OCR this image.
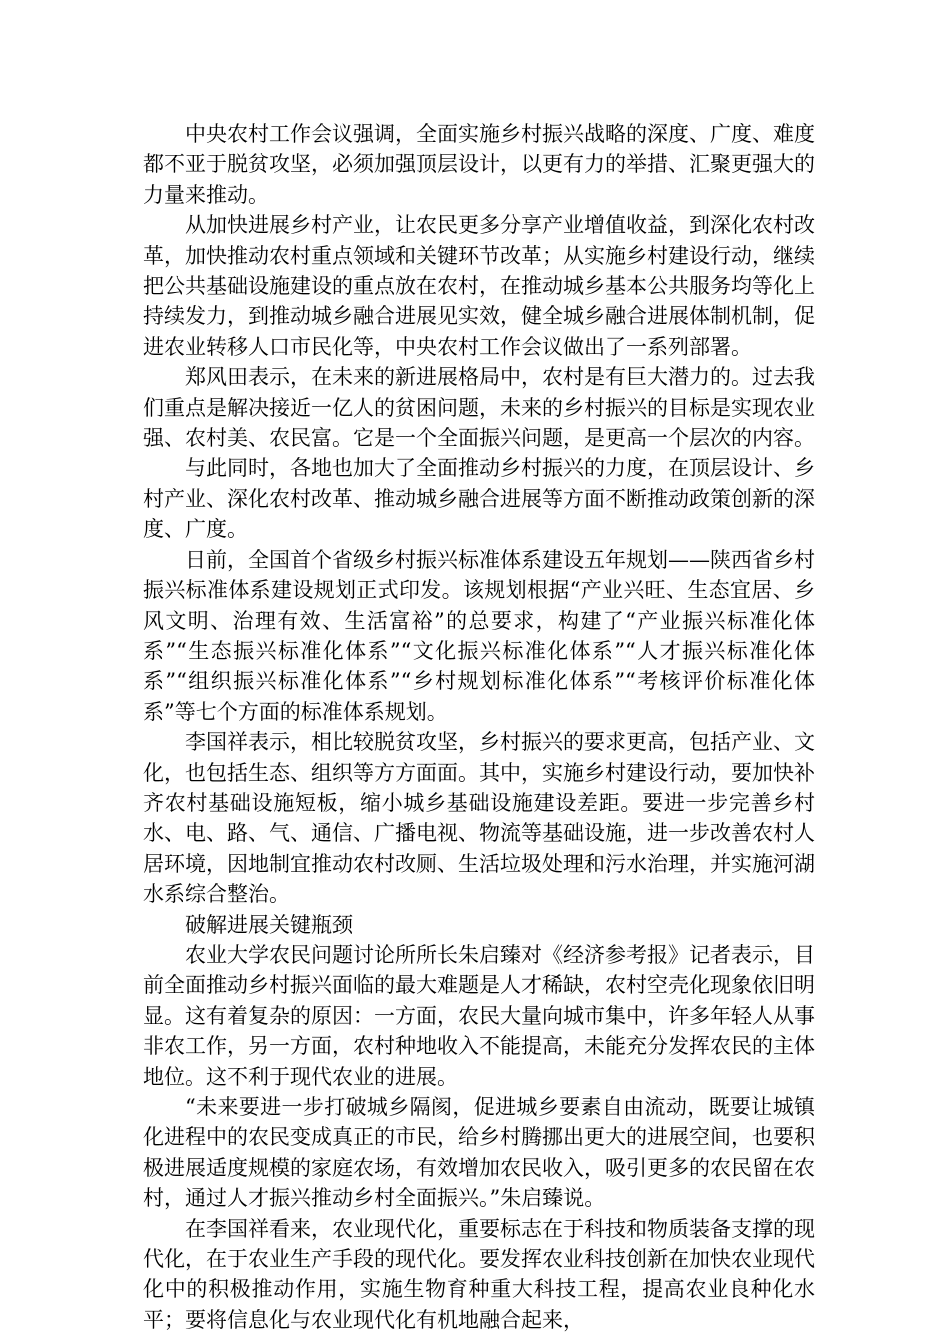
中央农村工作会议强调，全面实施乡村振兴战略的深度、广度、难度都不亚于脱贫攻坚，必须加强顶层设计，以更有力的举措、汇聚更强大的力量来推动。

从加快进展乡村产业，让农民更多分享产业增值收益，到深化农村改革，加快推动农村重点领域和关键环节改革；从实施乡村建设行动，继续把公共基础设施建设的重点放在农村，在推动城乡基本公共服务均等化上持续发力，到推动城乡融合进展见实效，健全城乡融合进展体制机制，促进农业转移人口市民化等，中央农村工作会议做出了一系列部署。

郑风田表示，在未来的新进展格局中，农村是有巨大潜力的。过去我们重点是解决接近一亿人的贫困问题，未来的乡村振兴的目标是实现农业强、农村美、农民富。它是一个全面振兴问题，是更高一个层次的内容。

与此同时，各地也加大了全面推动乡村振兴的力度，在顶层设计、乡村产业、深化农村改革、推动城乡融合进展等方面不断推动政策创新的深度、广度。

日前，全国首个省级乡村振兴标准体系建设五年规划——陕西省乡村振兴标准体系建设规划正式印发。该规划根据“产业兴旺、生态宜居、乡风文明、治理有效、生活富裕”的总要求，构建了“产业振兴标准化体系”“生态振兴标准化体系”“文化振兴标准化体系”“人才振兴标准化体系”“组织振兴标准化体系”“乡村规划标准化体系”“考核评价标准化体系”等七个方面的标准体系规划。

李国祥表示，相比较脱贫攻坚，乡村振兴的要求更高，包括产业、文化，也包括生态、组织等方方面面。其中，实施乡村建设行动，要加快补齐农村基础设施短板，缩小城乡基础设施建设差距。要进一步完善乡村水、电、路、气、通信、广播电视、物流等基础设施，进一步改善农村人居环境，因地制宜推动农村改厕、生活垃圾处理和污水治理，并实施河湖水系综合整治。

破解进展关键瓶颈

农业大学农民问题讨论所所长朱启臻对《经济参考报》记者表示，目前全面推动乡村振兴面临的最大难题是人才稀缺，农村空壳化现象依旧明显。这有着复杂的原因：一方面，农民大量向城市集中，许多年轻人从事非农工作，另一方面，农村种地收入不能提高，未能充分发挥农民的主体地位。这不利于现代农业的进展。

“未来要进一步打破城乡隔阂，促进城乡要素自由流动，既要让城镇化进程中的农民变成真正的市民，给乡村腾挪出更大的进展空间，也要积极进展适度规模的家庭农场，有效增加农民收入，吸引更多的农民留在农村，通过人才振兴推动乡村全面振兴。”朱启臻说。

在李国祥看来，农业现代化，重要标志在于科技和物质装备支撑的现代化，在于农业生产手段的现代化。要发挥农业科技创新在加快农业现代化中的积极推动作用，实施生物育种重大科技工程，提高农业良种化水平；要将信息化与农业现代化有机地融合起来，
